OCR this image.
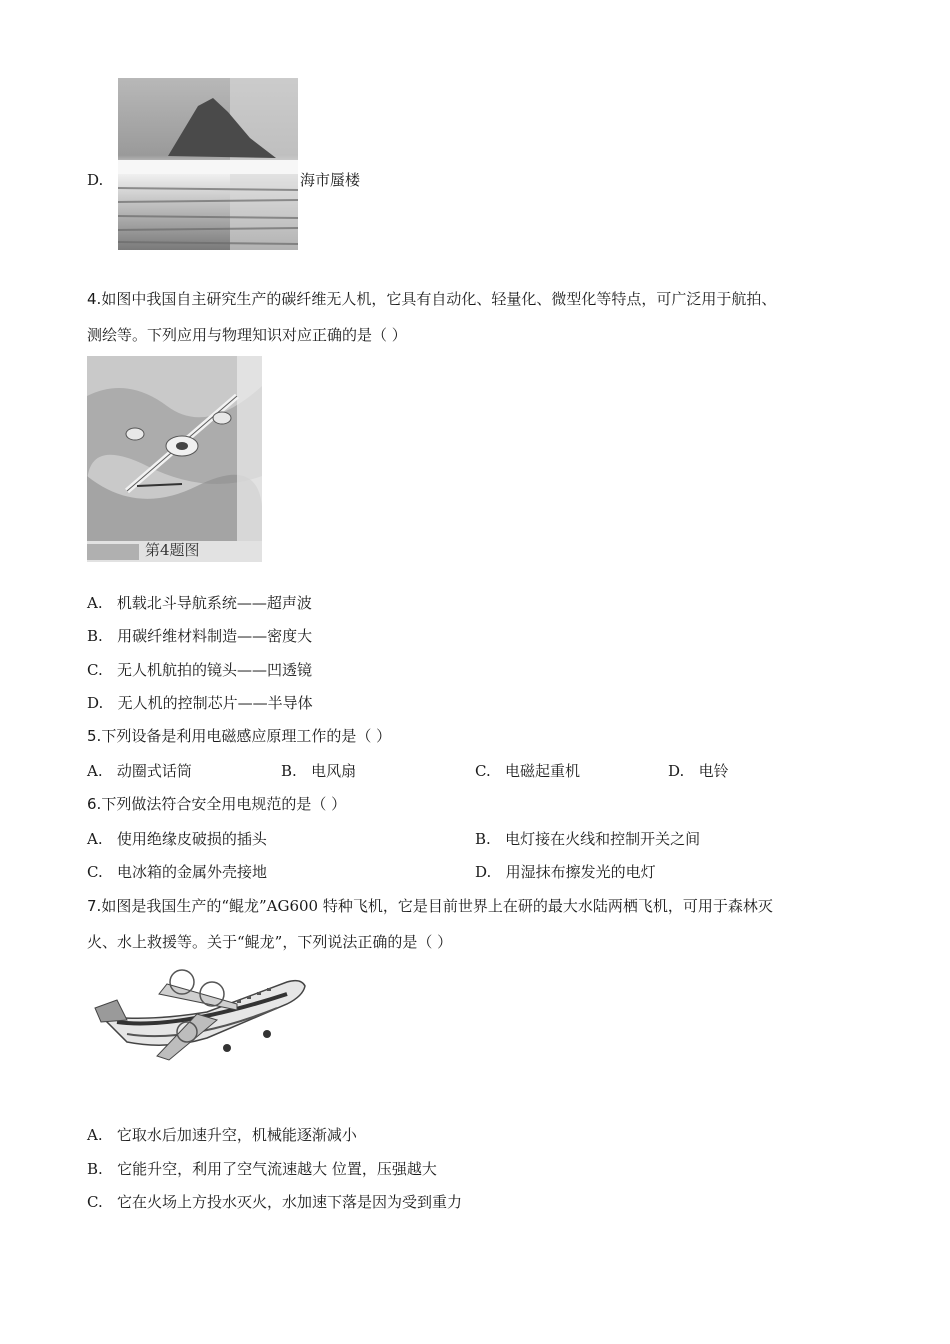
D.	海市蜃楼
4.如图中我国自主研究生产的碳纤维无人机，它具有自动化、轻量化、微型化等特点，可广泛用于航拍、
测绘等。下列应用与物理知识对应正确的是（ ）
第4题图
A. 机载北斗导航系统——超声波
B. 用碳纤维材料制造——密度大
C. 无人机航拍的镜头——凹透镜
D. 无人机的控制芯片——半导体
5.下列设备是利用电磁感应原理工作的是（ ）
A. 动圈式话筒	B. 电风扇	C. 电磁起重机	D. 电铃
6.下列做法符合安全用电规范的是（ ）
A. 使用绝缘皮破损的插头	B. 电灯接在火线和控制开关之间
C. 电冰箱的金属外壳接地	D. 用湿抹布擦发光的电灯
7.如图是我国生产的“鲲龙”AG600 特种飞机，它是目前世界上在研的最大水陆两栖飞机，可用于森林灭
火、水上救援等。关于“鲲龙”，下列说法正确的是（ ）
A. 它取水后加速升空，机械能逐渐减小
B. 它能升空，利用了空气流速越大 位置，压强越大
C. 它在火场上方投水灭火，水加速下落是因为受到重力
